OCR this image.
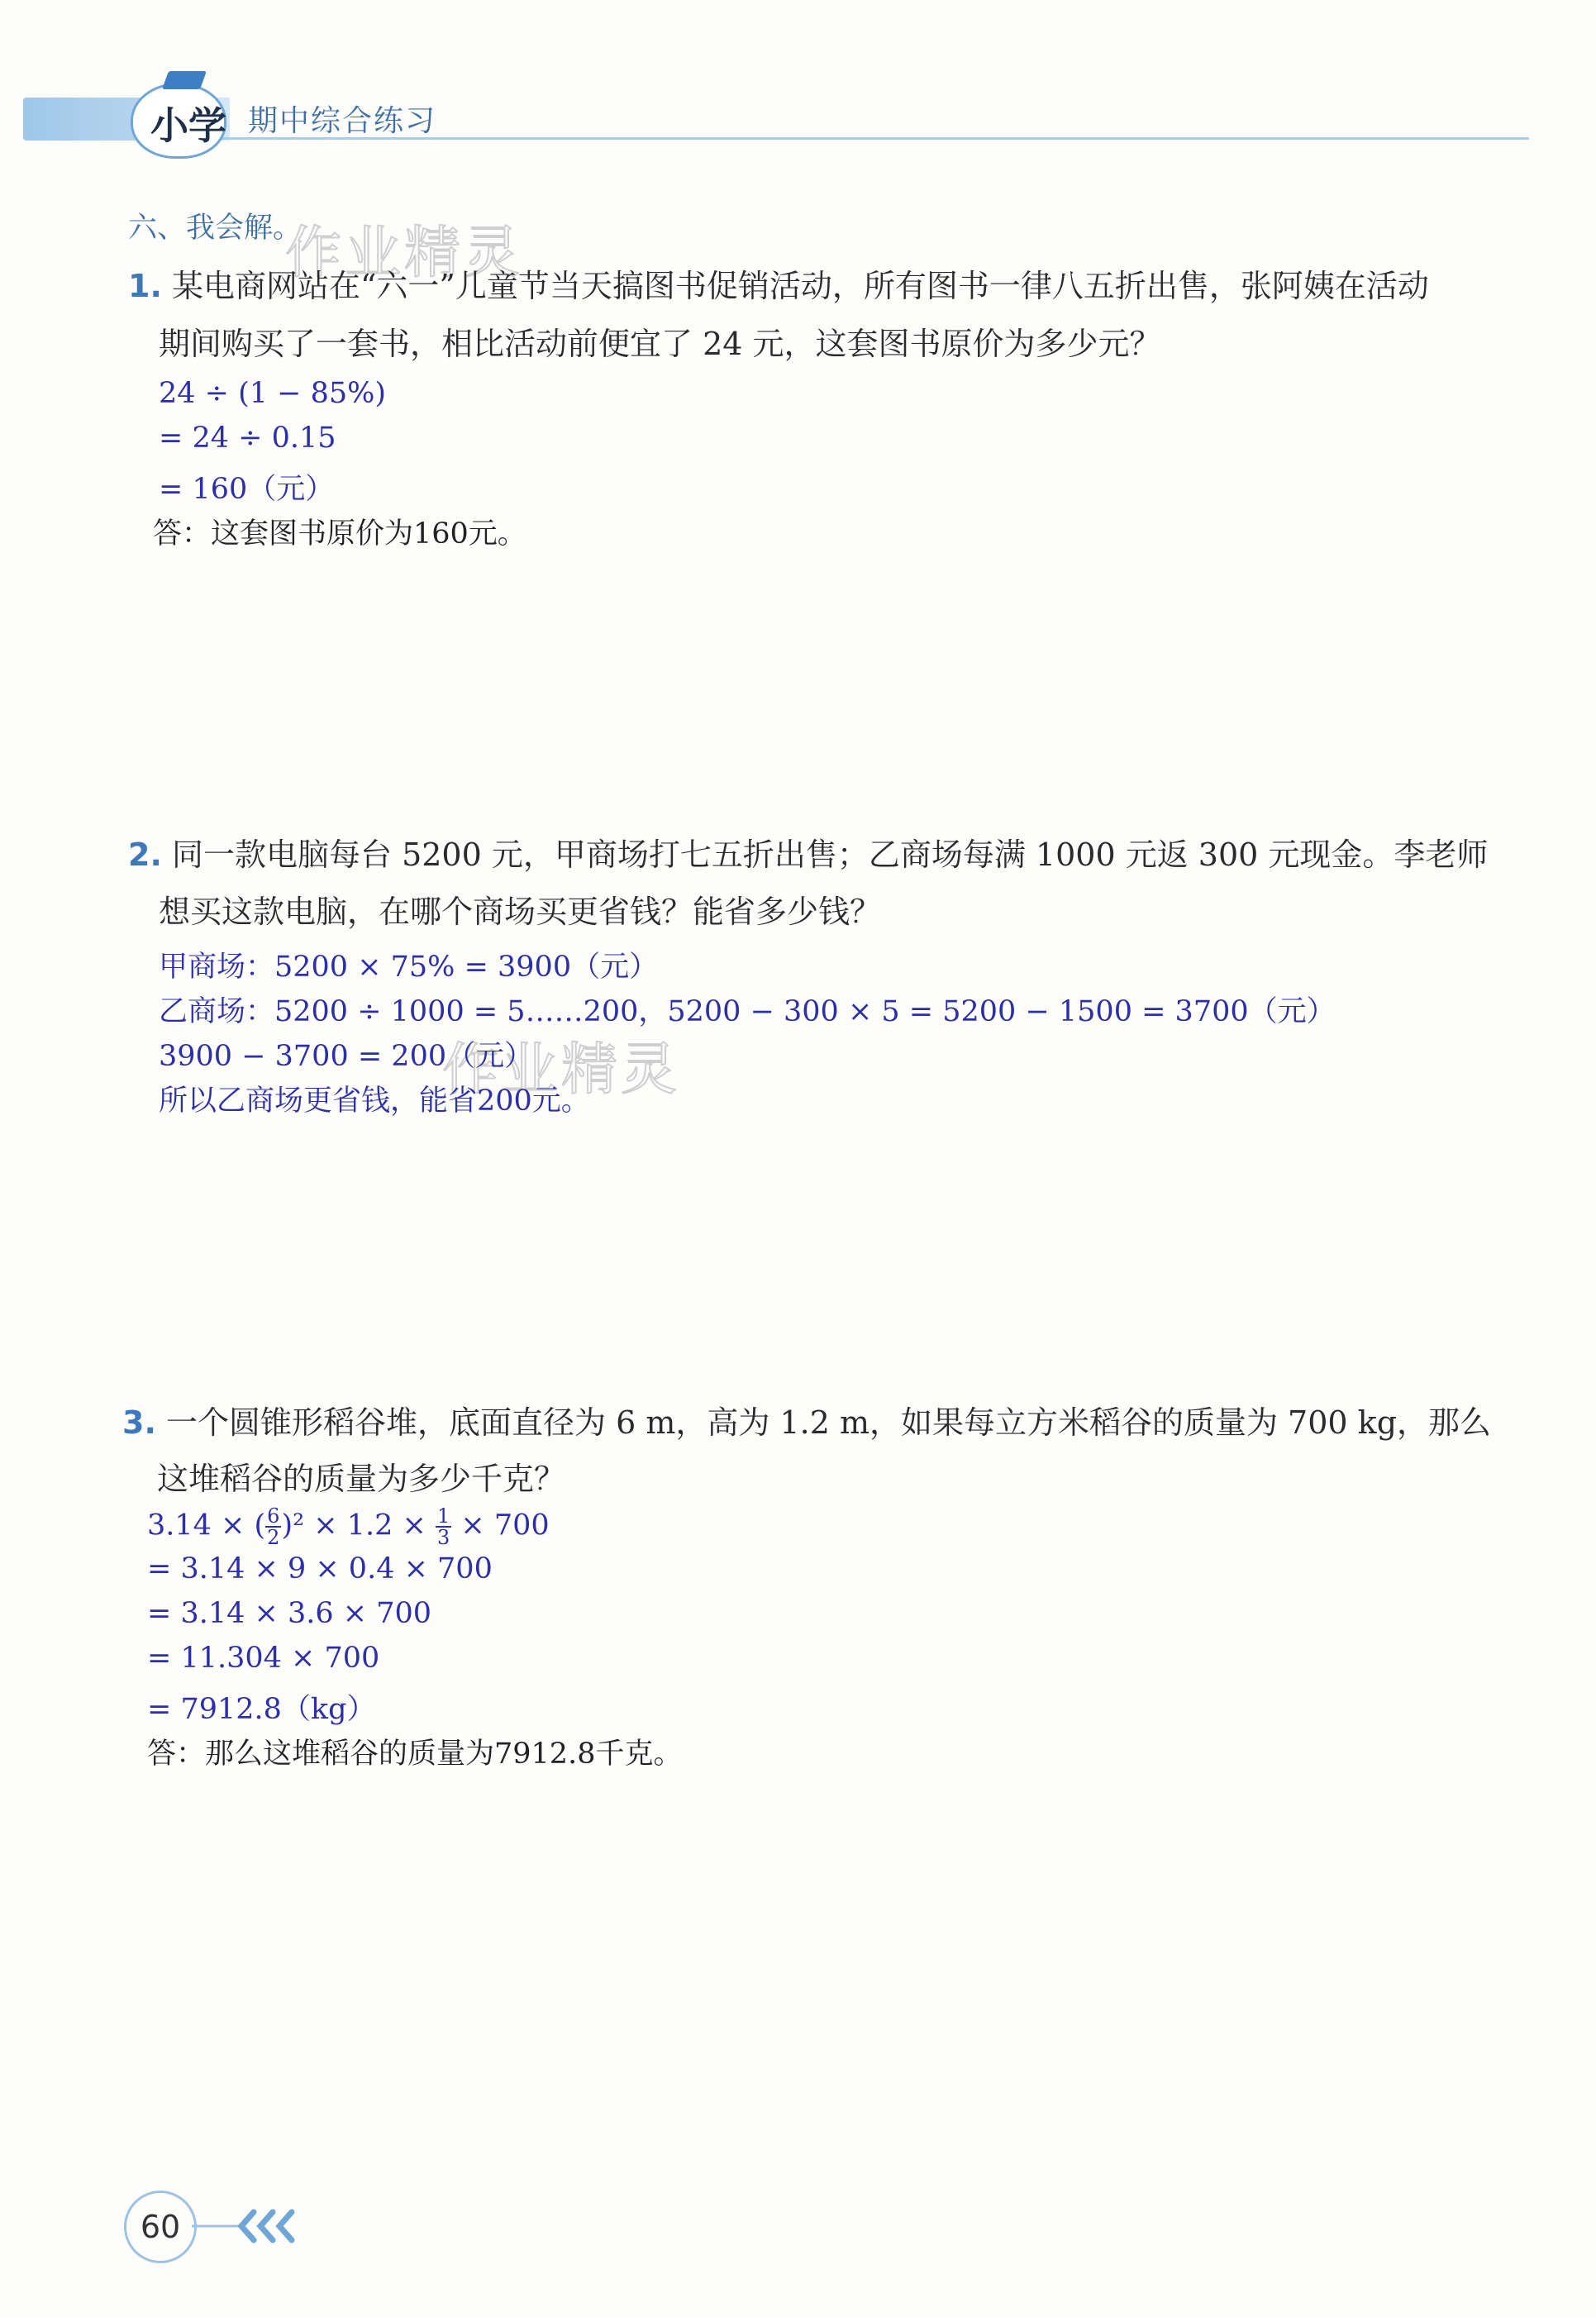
小学 期中综合练习
六、我会解。
作业精灵
作业精灵
1. 某电商网站在“六一”儿童节当天搞图书促销活动，所有图书一律八五折出售，张阿姨在活动
期间购买了一套书，相比活动前便宜了 24 元，这套图书原价为多少元？
24 ÷ (1 − 85%)
= 24 ÷ 0.15
= 160（元）
答：这套图书原价为160元。
2. 同一款电脑每台 5200 元，甲商场打七五折出售；乙商场每满 1000 元返 300 元现金。李老师
想买这款电脑，在哪个商场买更省钱？能省多少钱？
甲商场：5200 × 75% = 3900（元）
乙商场：5200 ÷ 1000 = 5……200，5200 − 300 × 5 = 5200 − 1500 = 3700（元）
3900 − 3700 = 200（元）
所以乙商场更省钱，能省200元。
3. 一个圆锥形稻谷堆，底面直径为 6 m，高为 1.2 m，如果每立方米稻谷的质量为 700 kg，那么
这堆稻谷的质量为多少千克？
3.14 × ( $\frac{6}{2} )^2 \times 1.2 \times \frac{1}{3} \times 700$
= 3.14 × 9 × 0.4 × 700
= 3.14 × 3.6 × 700
= 11.304 × 700
= 7912.8（kg）
答：那么这堆稻谷的质量为7912.8千克。
60
